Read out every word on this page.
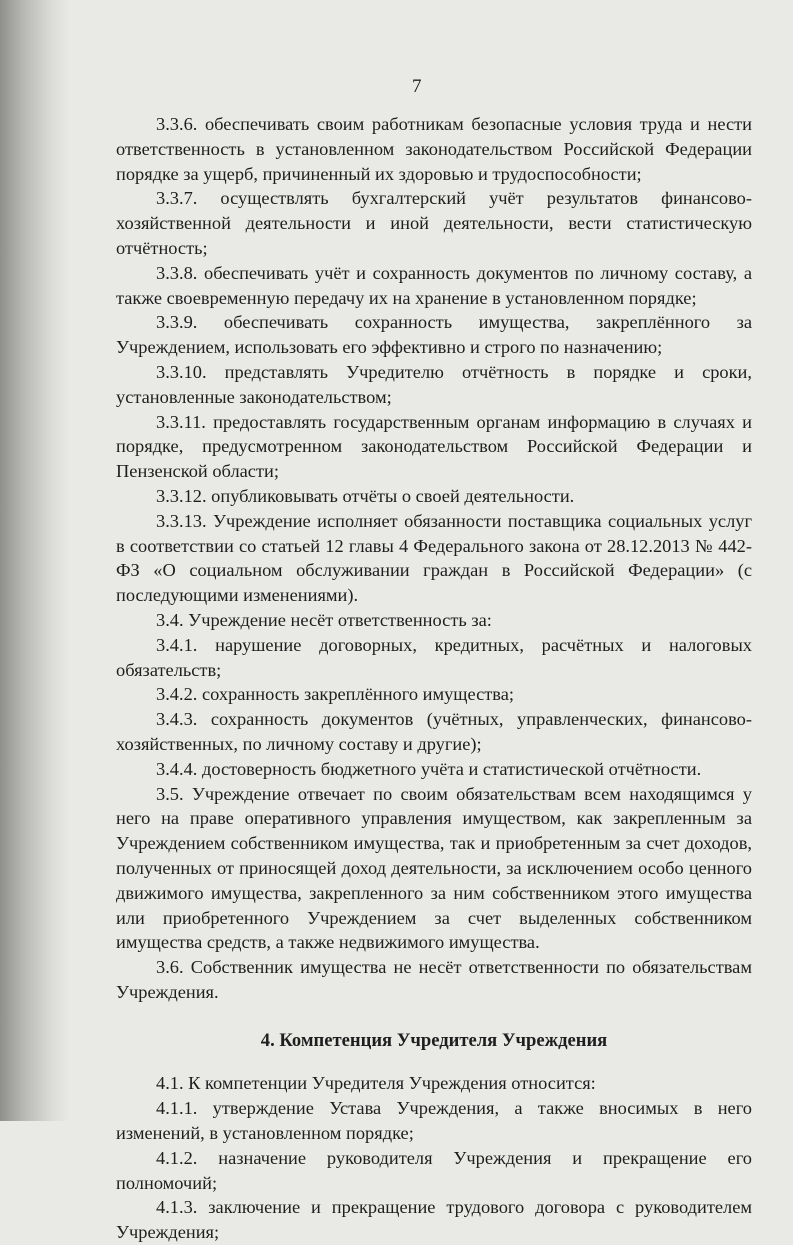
7

3.3.6. обеспечивать своим работникам безопасные условия труда и нести ответственность в установленном законодательством Российской Федерации порядке за ущерб, причиненный их здоровью и трудоспособности;

3.3.7. осуществлять бухгалтерский учёт результатов финансово-хозяйственной деятельности и иной деятельности, вести статистическую отчётность;

3.3.8. обеспечивать учёт и сохранность документов по личному составу, а также своевременную передачу их на хранение в установленном порядке;

3.3.9. обеспечивать сохранность имущества, закреплённого за Учреждением, использовать его эффективно и строго по назначению;

3.3.10. представлять Учредителю отчётность в порядке и сроки, установленные законодательством;

3.3.11. предоставлять государственным органам информацию в случаях и порядке, предусмотренном законодательством Российской Федерации и Пензенской области;

3.3.12. опубликовывать отчёты о своей деятельности.

3.3.13. Учреждение исполняет обязанности поставщика социальных услуг в соответствии со статьей 12 главы 4 Федерального закона от 28.12.2013 № 442-ФЗ «О социальном обслуживании граждан в Российской Федерации» (с последующими изменениями).

3.4. Учреждение несёт ответственность за:

3.4.1. нарушение договорных, кредитных, расчётных и налоговых обязательств;

3.4.2. сохранность закреплённого имущества;

3.4.3. сохранность документов (учётных, управленческих, финансово-хозяйственных, по личному составу и другие);

3.4.4. достоверность бюджетного учёта и статистической отчётности.

3.5. Учреждение отвечает по своим обязательствам всем находящимся у него на праве оперативного управления имуществом, как закрепленным за Учреждением собственником имущества, так и приобретенным за счет доходов, полученных от приносящей доход деятельности, за исключением особо ценного движимого имущества, закрепленного за ним собственником этого имущества или приобретенного Учреждением за счет выделенных собственником имущества средств, а также недвижимого имущества.

3.6. Собственник имущества не несёт ответственности по обязательствам Учреждения.

4. Компетенция Учредителя Учреждения

4.1. К компетенции Учредителя Учреждения относится:

4.1.1. утверждение Устава Учреждения, а также вносимых в него изменений, в установленном порядке;

4.1.2. назначение руководителя Учреждения и прекращение его полномочий;

4.1.3. заключение и прекращение трудового договора с руководителем Учреждения;
